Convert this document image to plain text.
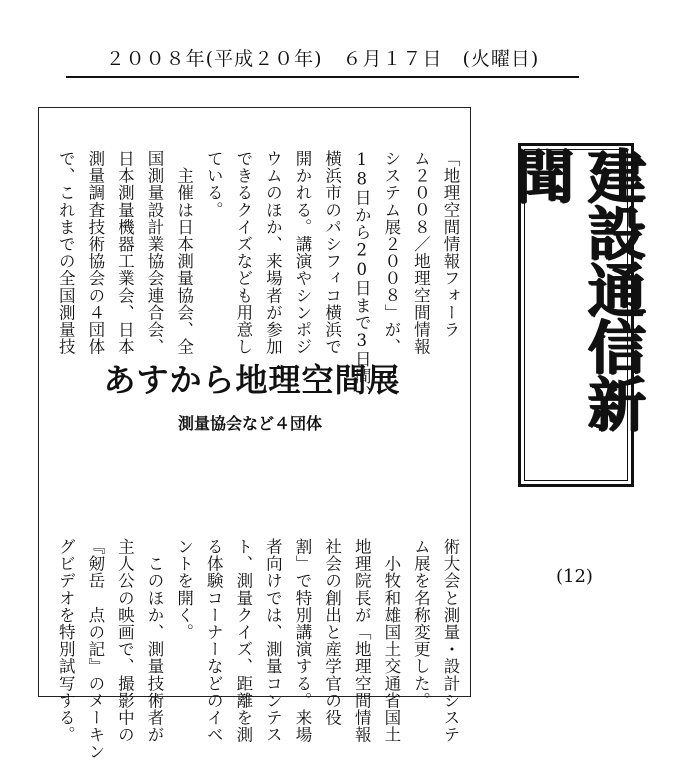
２００８年(平成２０年)　６月１７日　(火曜日)
「地理空間情報フォーラ
ム２００８／地理空間情報
システム展２００８」が、
18日から20日まで3日間、
横浜市のパシフィコ横浜で
開かれる。講演やシンポジ
ウムのほか、来場者が参加
できるクイズなども用意し
ている。
　主催は日本測量協会、全
国測量設計業協会連合会、
日本測量機器工業会、日本
測量調査技術協会の４団体
で、これまでの全国測量技
術大会と測量・設計システ
ム展を名称変更した。
　小牧和雄国土交通省国土
地理院長が「地理空間情報
社会の創出と産学官の役
割」で特別講演する。来場
者向けでは、測量コンテス
ト、測量クイズ、距離を測
る体験コーナーなどのイベ
ントを開く。
　このほか、測量技術者が
主人公の映画で、撮影中の
『剱岳　点の記』のメーキン
グビデオを特別試写する。
あすから地理空間展
測量協会など４団体	建設通信新聞
(12)
